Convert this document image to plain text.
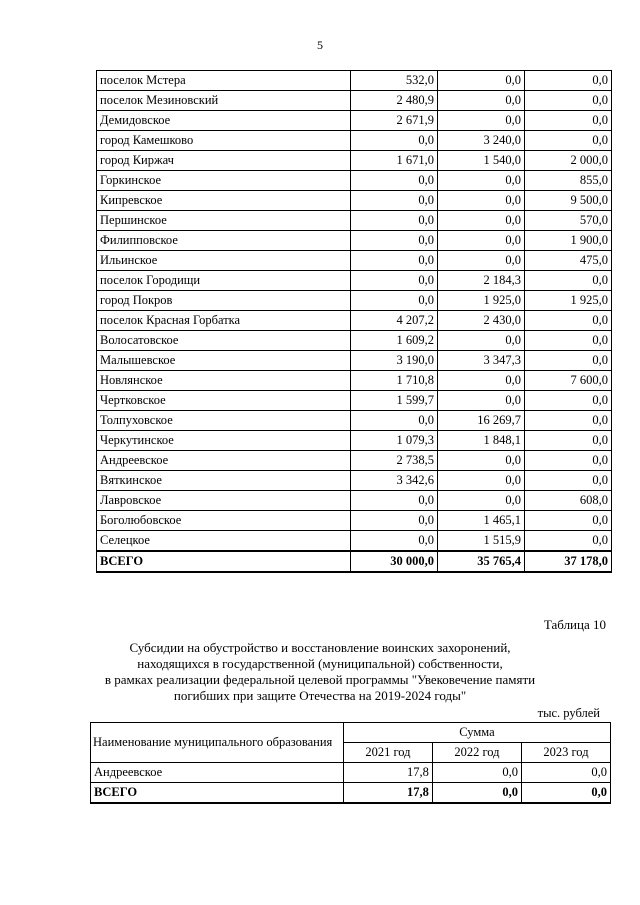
5
поселок Мстера	532,0	0,0	0,0
поселок Мезиновский	2 480,9	0,0	0,0
Демидовское	2 671,9	0,0	0,0
город Камешково	0,0	3 240,0	0,0
город Киржач	1 671,0	1 540,0	2 000,0
Горкинское	0,0	0,0	855,0
Кипревское	0,0	0,0	9 500,0
Першинское	0,0	0,0	570,0
Филипповское	0,0	0,0	1 900,0
Ильинское	0,0	0,0	475,0
поселок Городищи	0,0	2 184,3	0,0
город Покров	0,0	1 925,0	1 925,0
поселок Красная Горбатка	4 207,2	2 430,0	0,0
Волосатовское	1 609,2	0,0	0,0
Малышевское	3 190,0	3 347,3	0,0
Новлянское	1 710,8	0,0	7 600,0
Чертковское	1 599,7	0,0	0,0
Толпуховское	0,0	16 269,7	0,0
Черкутинское	1 079,3	1 848,1	0,0
Андреевское	2 738,5	0,0	0,0
Вяткинское	3 342,6	0,0	0,0
Лавровское	0,0	0,0	608,0
Боголюбовское	0,0	1 465,1	0,0
Селецкое	0,0	1 515,9	0,0
ВСЕГО	30 000,0	35 765,4	37 178,0
Таблица 10
Субсидии на обустройство и восстановление воинских захоронений,
находящихся в государственной (муниципальной) собственности,
в рамках реализации федеральной целевой программы "Увековечение памяти
погибших при защите Отечества на 2019-2024 годы"
тыс. рублей
Наименование муниципального образования	Сумма		
	2021 год	2022 год	2023 год
Андреевское	17,8	0,0	0,0
ВСЕГО	17,8	0,0	0,0
